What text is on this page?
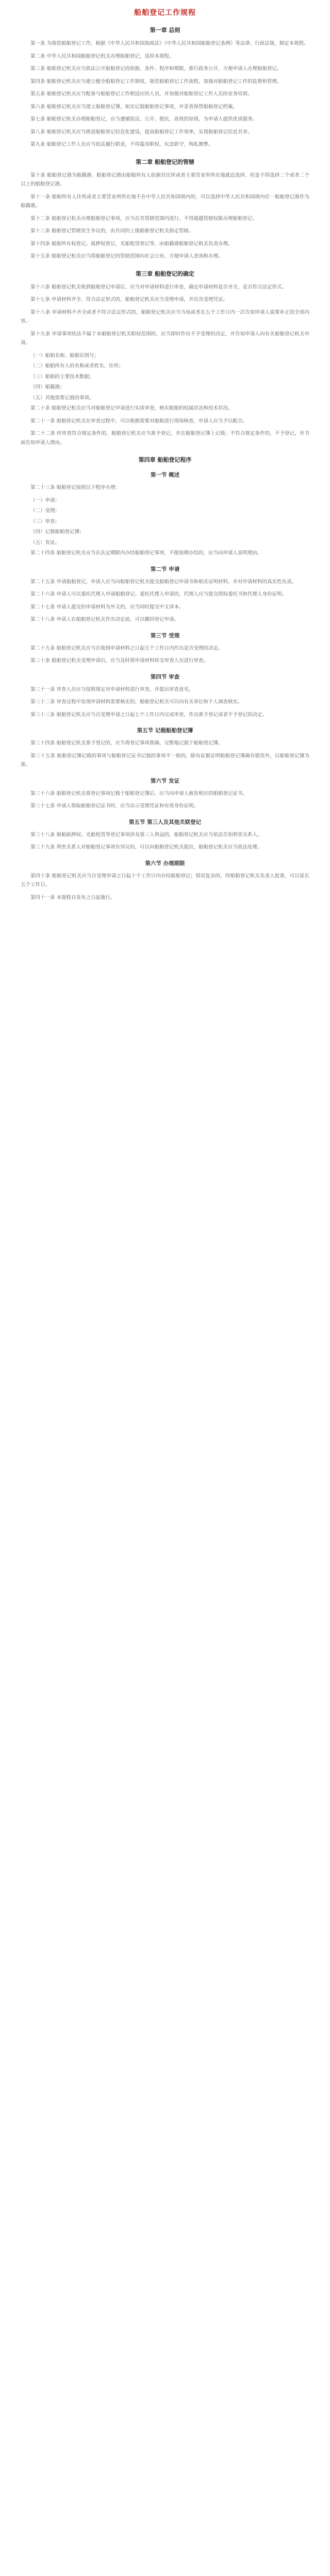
船舶登记工作规程
第一章 总则
第一条 为规范船舶登记工作，根据《中华人民共和国海商法》《中华人民共和国船舶登记条例》等法律、行政法规，制定本规程。
第二条 中华人民共和国船舶登记机关办理船舶登记，适用本规程。
第三条 船舶登记机关应当依法公开船舶登记的依据、条件、程序和期限，推行政务公开，方便申请人办理船舶登记。
第四条 船舶登记机关应当建立健全船舶登记工作制度，规范船舶登记工作流程，加强对船舶登记工作的监督和管理。
第五条 船舶登记机关应当配备与船舶登记工作相适应的人员，并加强对船舶登记工作人员的业务培训。
第六条 船舶登记机关应当建立船舶登记簿，如实记载船舶登记事项，并妥善保管船舶登记档案。
第七条 船舶登记机关办理船舶登记，应当遵循依法、公开、便民、高效的原则，为申请人提供优质服务。
第八条 船舶登记机关应当推进船舶登记信息化建设，提高船舶登记工作效率，实现船舶登记信息共享。
第九条 船舶登记工作人员应当依法履行职责，不得滥用职权、玩忽职守、徇私舞弊。
第二章 船舶登记的管辖
第十条 船舶登记港为船籍港。船舶登记港由船舶所有人依据其住所或者主要营业所所在地就近选择，但是不得选择二个或者二个以上的船舶登记港。
第十一条 船舶所有人住所或者主要营业所所在地不在中华人民共和国境内的，可以选择中华人民共和国境内任一船舶登记港作为船籍港。
第十二条 船舶登记机关办理船舶登记事项，应当在其管辖范围内进行，不得超越管辖权限办理船舶登记。
第十三条 船舶登记管辖发生争议的，由共同的上级船舶登记机关指定管辖。
第十四条 船舶所有权登记、抵押权登记、光船租赁登记等，由船籍港船舶登记机关负责办理。
第十五条 船舶登记机关应当将船舶登记的管辖范围向社会公布，方便申请人查询和办理。
第三章 船舶登记的确定
第十六条 船舶登记机关收到船舶登记申请后，应当对申请材料进行审查，确定申请材料是否齐全、是否符合法定形式。
第十七条 申请材料齐全、符合法定形式的，船舶登记机关应当受理申请，并出具受理凭证。
第十八条 申请材料不齐全或者不符合法定形式的，船舶登记机关应当当场或者在五个工作日内一次告知申请人需要补正的全部内容。
第十九条 申请事项依法不属于本船舶登记机关职权范围的，应当即时作出不予受理的决定，并告知申请人向有关船舶登记机关申请。
（一）船舶名称、船舶识别号；
（二）船舶所有人的名称或者姓名、住所；
（三）船舶的主要技术数据；
（四）船籍港；
（五）其他需要记载的事项。
第二十条 船舶登记机关应当对船舶登记申请进行实质审查，核实船舶的权属状况和技术状况。
第二十一条 船舶登记机关在审查过程中，可以根据需要对船舶进行现场核查，申请人应当予以配合。
第二十二条 经审查符合规定条件的，船舶登记机关应当准予登记，并在船舶登记簿上记载；不符合规定条件的，不予登记，并书面告知申请人理由。
第四章 船舶登记程序
第一节 概述
第二十三条 船舶登记按照以下程序办理：
（一）申请；
（二）受理；
（三）审查；
（四）记载船舶登记簿；
（五）发证。
第二十四条 船舶登记机关应当在法定期限内办结船舶登记事项，不能按期办结的，应当向申请人说明理由。
第二节 申请
第二十五条 申请船舶登记，申请人应当向船舶登记机关提交船舶登记申请书和相关证明材料，并对申请材料的真实性负责。
第二十六条 申请人可以委托代理人申请船舶登记。委托代理人申请的，代理人应当提交授权委托书和代理人身份证明。
第二十七条 申请人提交的申请材料为外文的，应当同时提交中文译本。
第二十八条 申请人在船舶登记机关作出决定前，可以撤回登记申请。
第三节 受理
第二十九条 船舶登记机关应当在收到申请材料之日起五个工作日内作出是否受理的决定。
第三十条 船舶登记机关受理申请后，应当及时将申请材料转交审查人员进行审查。
第四节 审查
第三十一条 审查人员应当按照规定对申请材料进行审查，并提出审查意见。
第三十二条 审查过程中发现申请材料需要核实的，船舶登记机关可以向有关单位和个人调查核实。
第三十三条 船舶登记机关应当自受理申请之日起七个工作日内完成审查，作出准予登记或者不予登记的决定。
第五节 记载船舶登记簿
第三十四条 船舶登记机关准予登记的，应当将登记事项准确、完整地记载于船舶登记簿。
第三十五条 船舶登记簿记载的事项与船舶登记证书记载的事项不一致的，除有证据证明船舶登记簿确有错误外，以船舶登记簿为准。
第六节 发证
第三十六条 船舶登记机关将登记事项记载于船舶登记簿后，应当向申请人核发相应的船舶登记证书。
第三十七条 申请人领取船舶登记证书时，应当出示受理凭证和有效身份证明。
第五节 第三人及其他关联登记
第三十八条 船舶抵押权、光船租赁等登记事项涉及第三人利益的，船舶登记机关应当依法告知利害关系人。
第三十九条 利害关系人对船舶登记事项有异议的，可以向船舶登记机关提出，船舶登记机关应当依法处理。
第六节 办理期限
第四十条 船舶登记机关应当自受理申请之日起十个工作日内办结船舶登记；情况复杂的，经船舶登记机关负责人批准，可以延长五个工作日。
第四十一条 本规程自发布之日起施行。
